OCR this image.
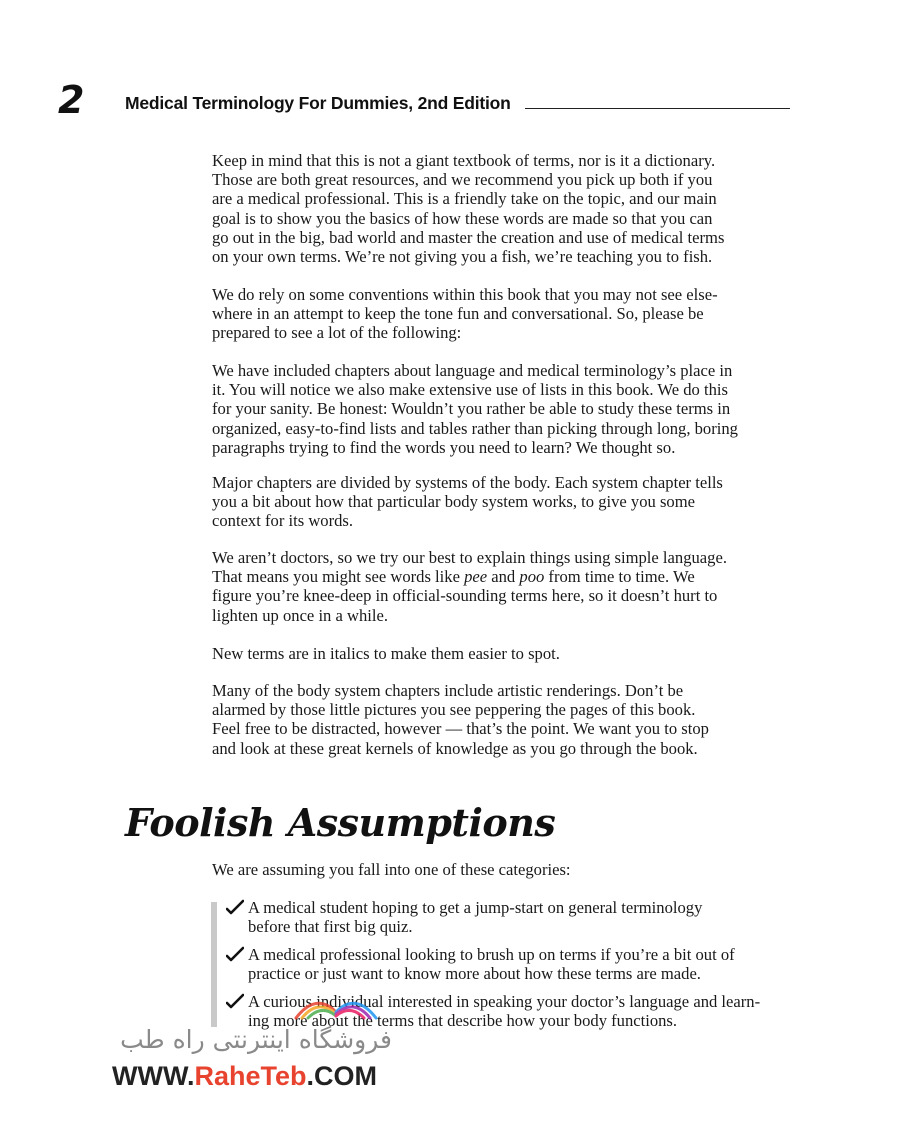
2 Medical Terminology For Dummies, 2nd Edition

Keep in mind that this is not a giant textbook of terms, nor is it a dictionary.
Those are both great resources, and we recommend you pick up both if you
are a medical professional. This is a friendly take on the topic, and our main
goal is to show you the basics of how these words are made so that you can
go out in the big, bad world and master the creation and use of medical terms
on your own terms. We’re not giving you a fish, we’re teaching you to fish.

We do rely on some conventions within this book that you may not see else-
where in an attempt to keep the tone fun and conversational. So, please be
prepared to see a lot of the following:

We have included chapters about language and medical terminology’s place in
it. You will notice we also make extensive use of lists in this book. We do this
for your sanity. Be honest: Wouldn’t you rather be able to study these terms in
organized, easy-to-find lists and tables rather than picking through long, boring
paragraphs trying to find the words you need to learn? We thought so.

Major chapters are divided by systems of the body. Each system chapter tells
you a bit about how that particular body system works, to give you some
context for its words.

We aren’t doctors, so we try our best to explain things using simple language.
That means you might see words like pee and poo from time to time. We
figure you’re knee-deep in official-sounding terms here, so it doesn’t hurt to
lighten up once in a while.

New terms are in italics to make them easier to spot.

Many of the body system chapters include artistic renderings. Don’t be
alarmed by those little pictures you see peppering the pages of this book.
Feel free to be distracted, however — that’s the point. We want you to stop
and look at these great kernels of knowledge as you go through the book.

Foolish Assumptions

We are assuming you fall into one of these categories:

A medical student hoping to get a jump-start on general terminology
before that first big quiz.
A medical professional looking to brush up on terms if you’re a bit out of
practice or just want to know more about how these terms are made.
A curious individual interested in speaking your doctor’s language and learn-
ing more about the terms that describe how your body functions.
فروشگاه اینترنتی راه طب
WWW.RaheTeb.COM
